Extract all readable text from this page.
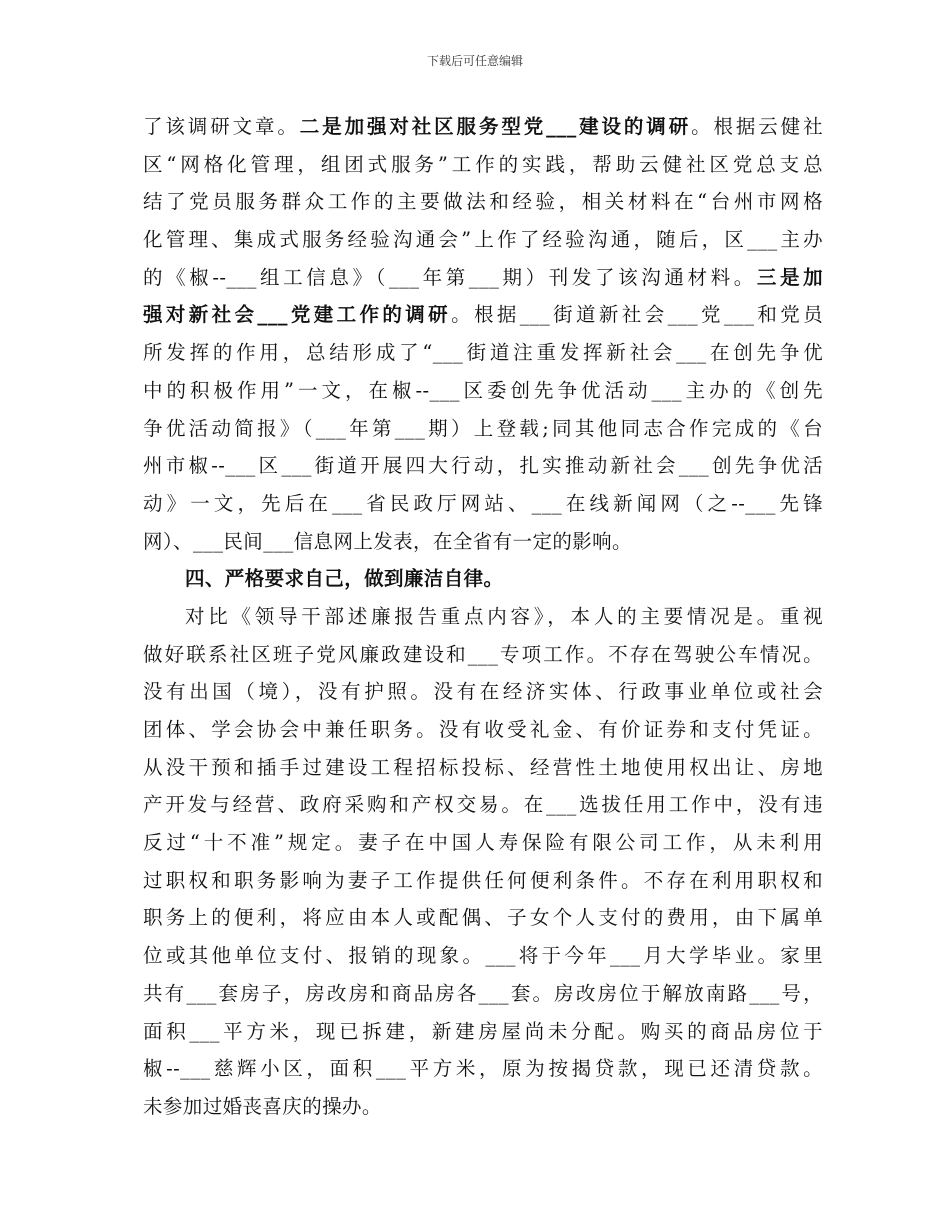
下载后可任意编辑
了该调研文章。二是加强对社区服务型党___建设的调研。根据云健社
区“网格化管理，组团式服务”工作的实践，帮助云健社区党总支总
结了党员服务群众工作的主要做法和经验，相关材料在“台州市网格
化管理、集成式服务经验沟通会”上作了经验沟通，随后，区___主办
的《椒--___组工信息》（___年第___期）刊发了该沟通材料。三是加
强对新社会___党建工作的调研。根据___街道新社会___党___和党员
所发挥的作用，总结形成了“___街道注重发挥新社会___在创先争优
中的积极作用”一文，在椒--___区委创先争优活动___主办的《创先
争优活动简报》（___年第___期）上登载;同其他同志合作完成的《台
州市椒--___区___街道开展四大行动，扎实推动新社会___创先争优活
动》一文，先后在___省民政厅网站、___在线新闻网（之--___先锋
网）、___民间___信息网上发表，在全省有一定的影响。
四、严格要求自己，做到廉洁自律。
对比《领导干部述廉报告重点内容》，本人的主要情况是。重视
做好联系社区班子党风廉政建设和___专项工作。不存在驾驶公车情况。
没有出国（境），没有护照。没有在经济实体、行政事业单位或社会
团体、学会协会中兼任职务。没有收受礼金、有价证券和支付凭证。
从没干预和插手过建设工程招标投标、经营性土地使用权出让、房地
产开发与经营、政府采购和产权交易。在___选拔任用工作中，没有违
反过“十不准”规定。妻子在中国人寿保险有限公司工作，从未利用
过职权和职务影响为妻子工作提供任何便利条件。不存在利用职权和
职务上的便利，将应由本人或配偶、子女个人支付的费用，由下属单
位或其他单位支付、报销的现象。___将于今年___月大学毕业。家里
共有___套房子，房改房和商品房各___套。房改房位于解放南路___号，
面积___平方米，现已拆建，新建房屋尚未分配。购买的商品房位于
椒--___慈辉小区，面积___平方米，原为按揭贷款，现已还清贷款。
未参加过婚丧喜庆的操办。
